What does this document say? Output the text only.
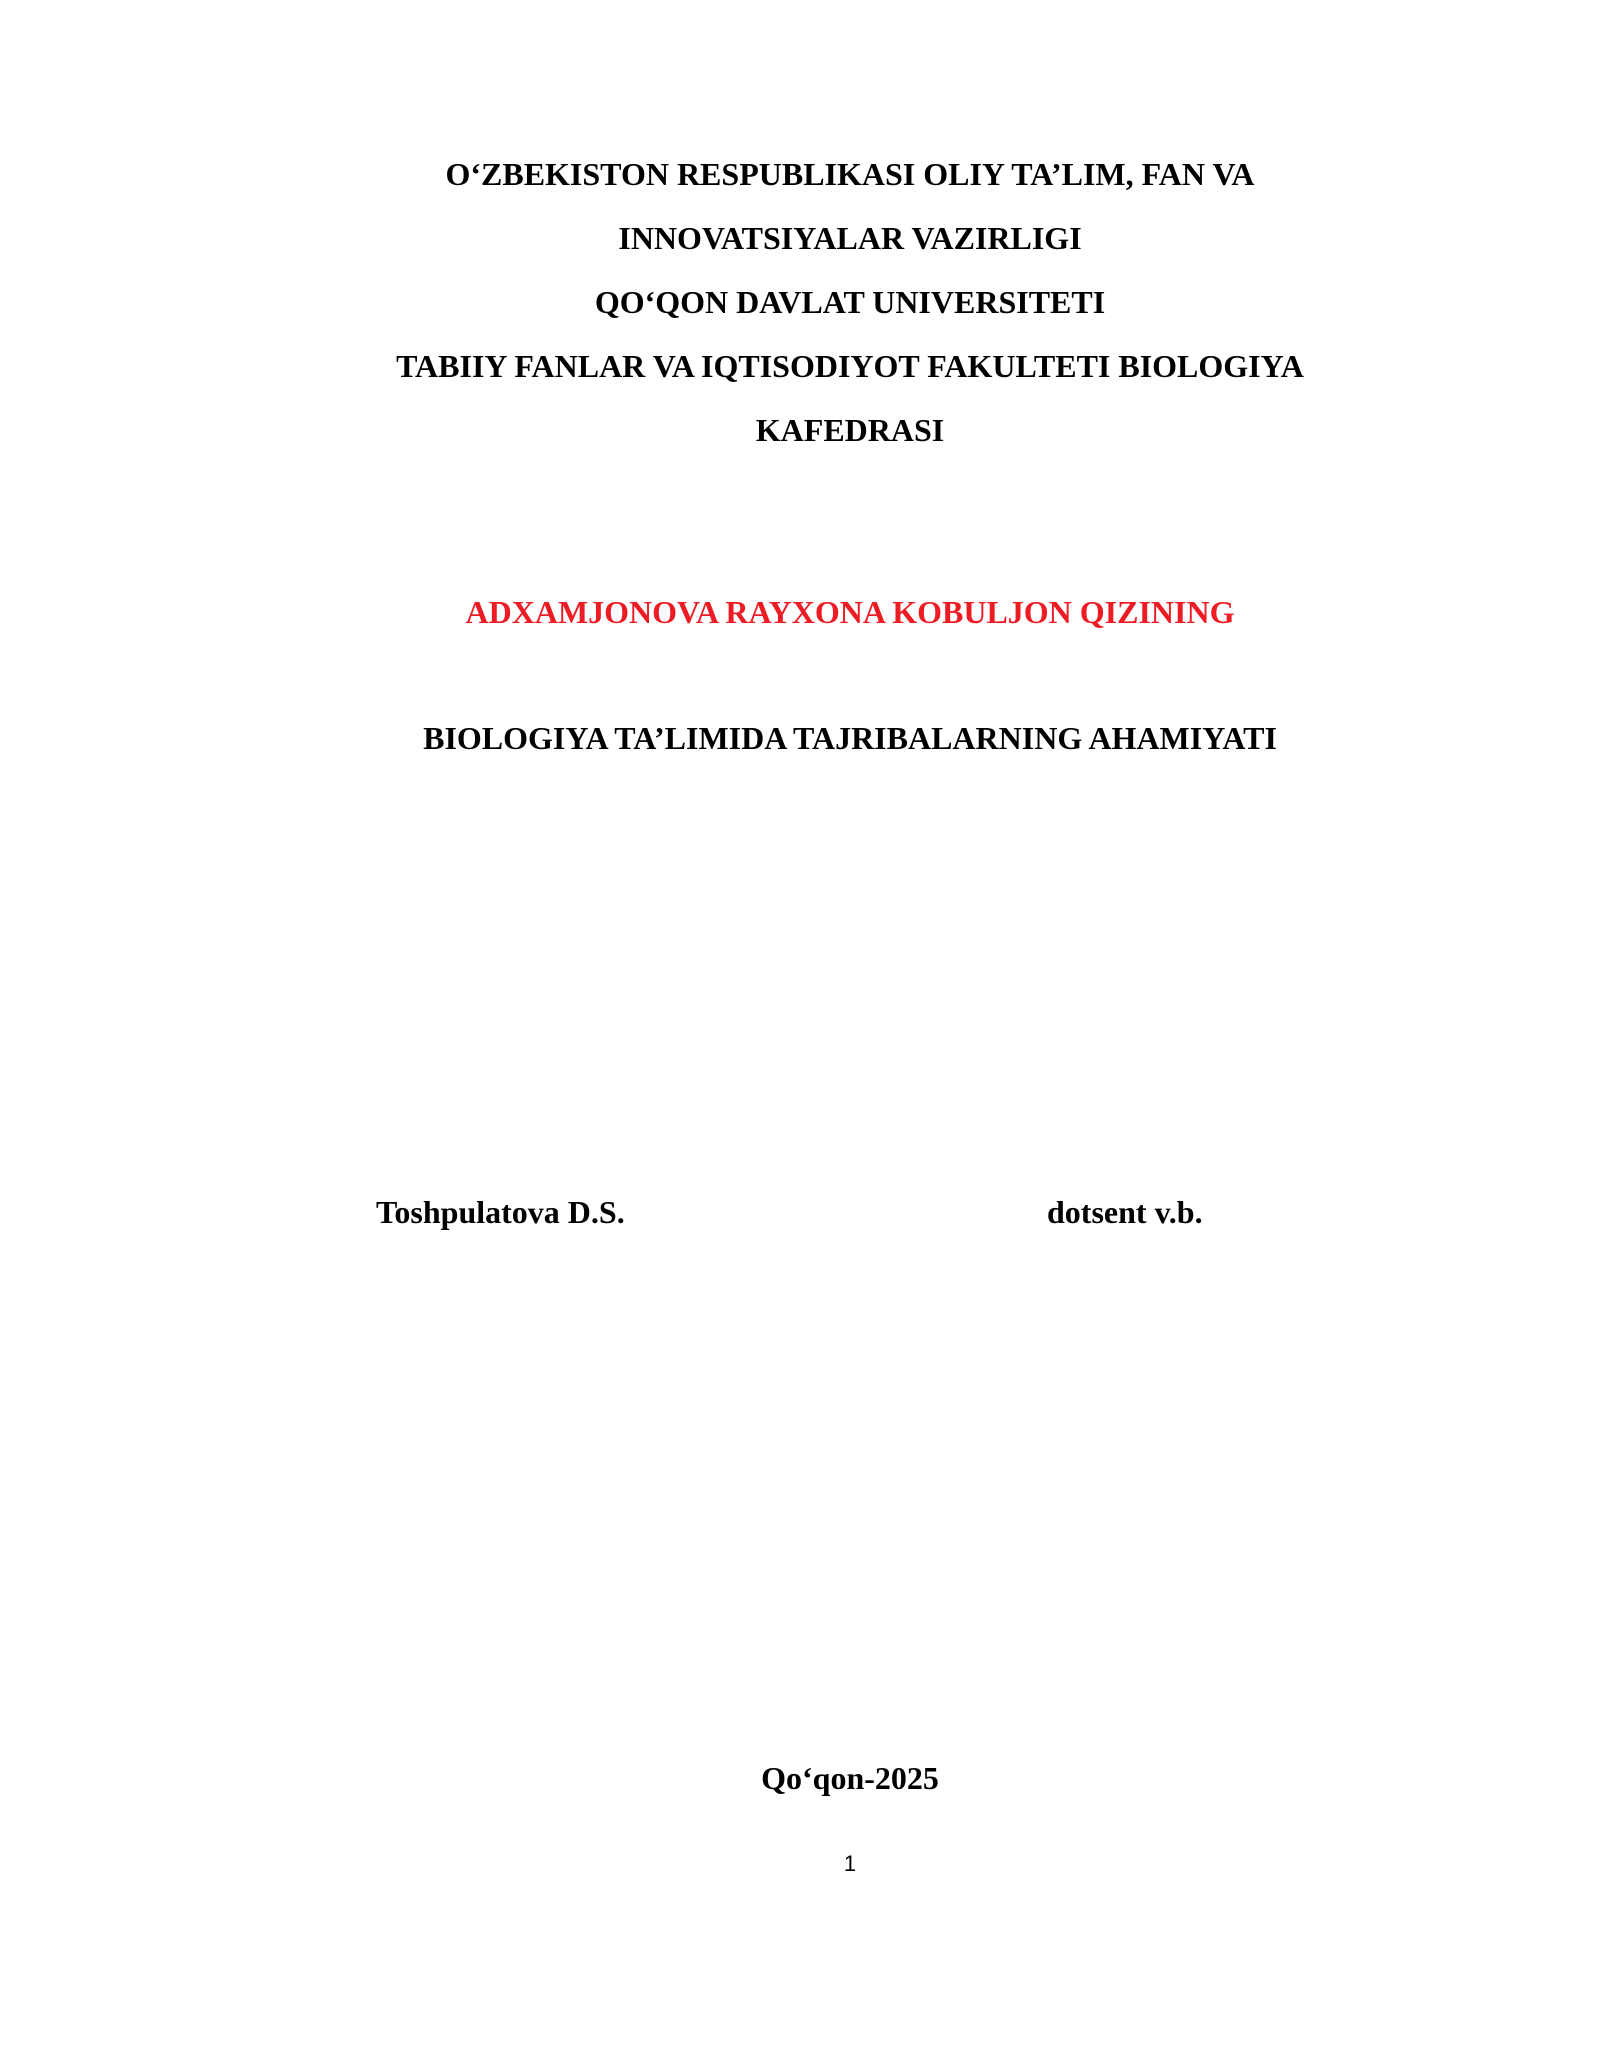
O‘ZBEKISTON RESPUBLIKASI OLIY TA’LIM, FAN VA
INNOVATSIYALAR VAZIRLIGI
QO‘QON DAVLAT UNIVERSITETI
TABIIY FANLAR VA IQTISODIYOT FAKULTETI BIOLOGIYA
KAFEDRASI
ADXAMJONOVA RAYXONA KOBULJON QIZINING
BIOLOGIYA TA’LIMIDA TAJRIBALARNING AHAMIYATI
Toshpulatova D.S.	dotsent v.b.
Qo‘qon-2025
1
